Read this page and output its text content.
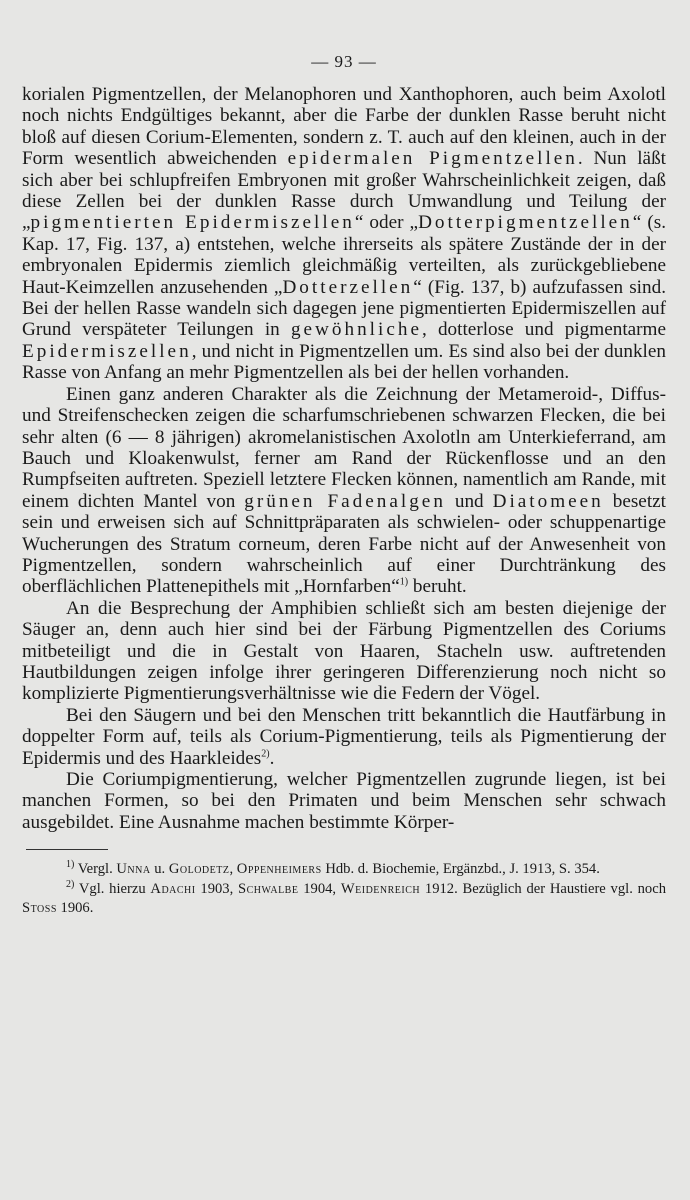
— 93 —

korialen Pigmentzellen, der Melanophoren und Xanthophoren, auch beim Axolotl noch nichts Endgültiges bekannt, aber die Farbe der dunklen Rasse beruht nicht bloß auf diesen Corium-Elementen, sondern z. T. auch auf den kleinen, auch in der Form wesentlich abweichenden epidermalen Pigmentzellen. Nun läßt sich aber bei schlupfreifen Embryonen mit großer Wahrscheinlichkeit zeigen, daß diese Zellen bei der dunklen Rasse durch Umwandlung und Teilung der „pigmentierten Epidermiszellen“ oder „Dotterpigmentzellen“ (s. Kap. 17, Fig. 137, a) entstehen, welche ihrerseits als spätere Zustände der in der embryonalen Epidermis ziemlich gleichmäßig verteilten, als zurückgebliebene Haut-Keimzellen anzusehenden „Dotterzellen“ (Fig. 137, b) aufzufassen sind. Bei der hellen Rasse wandeln sich dagegen jene pigmentierten Epidermiszellen auf Grund verspäteter Teilungen in gewöhnliche, dotterlose und pigmentarme Epidermiszellen, und nicht in Pigmentzellen um. Es sind also bei der dunklen Rasse von Anfang an mehr Pigmentzellen als bei der hellen vorhanden.

Einen ganz anderen Charakter als die Zeichnung der Metameroid-, Diffus- und Streifenschecken zeigen die scharfumschriebenen schwarzen Flecken, die bei sehr alten (6 — 8 jährigen) akromelanistischen Axolotln am Unterkieferrand, am Bauch und Kloakenwulst, ferner am Rand der Rückenflosse und an den Rumpfseiten auftreten. Speziell letztere Flecken können, namentlich am Rande, mit einem dichten Mantel von grünen Fadenalgen und Diatomeen besetzt sein und erweisen sich auf Schnittpräparaten als schwielen- oder schuppenartige Wucherungen des Stratum corneum, deren Farbe nicht auf der Anwesenheit von Pigmentzellen, sondern wahrscheinlich auf einer Durchtränkung des oberflächlichen Plattenepithels mit „Hornfarben“$^{1)}$ beruht.

An die Besprechung der Amphibien schließt sich am besten diejenige der Säuger an, denn auch hier sind bei der Färbung Pigmentzellen des Coriums mitbeteiligt und die in Gestalt von Haaren, Stacheln usw. auftretenden Hautbildungen zeigen infolge ihrer geringeren Differenzierung noch nicht so komplizierte Pigmentierungsverhältnisse wie die Federn der Vögel.

Bei den Säugern und bei den Menschen tritt bekanntlich die Hautfärbung in doppelter Form auf, teils als Corium-Pigmentierung, teils als Pigmentierung der Epidermis und des Haarkleides$^{2)}$.

Die Coriumpigmentierung, welcher Pigmentzellen zugrunde liegen, ist bei manchen Formen, so bei den Primaten und beim Menschen sehr schwach ausgebildet. Eine Ausnahme machen bestimmte Körper-

$^{1)}$ Vergl. Unna u. Golodetz, Oppenheimers Hdb. d. Biochemie, Ergänzbd., J. 1913, S. 354.

$^{2)}$ Vgl. hierzu Adachi 1903, Schwalbe 1904, Weidenreich 1912. Bezüglich der Haustiere vgl. noch Stoss 1906.
